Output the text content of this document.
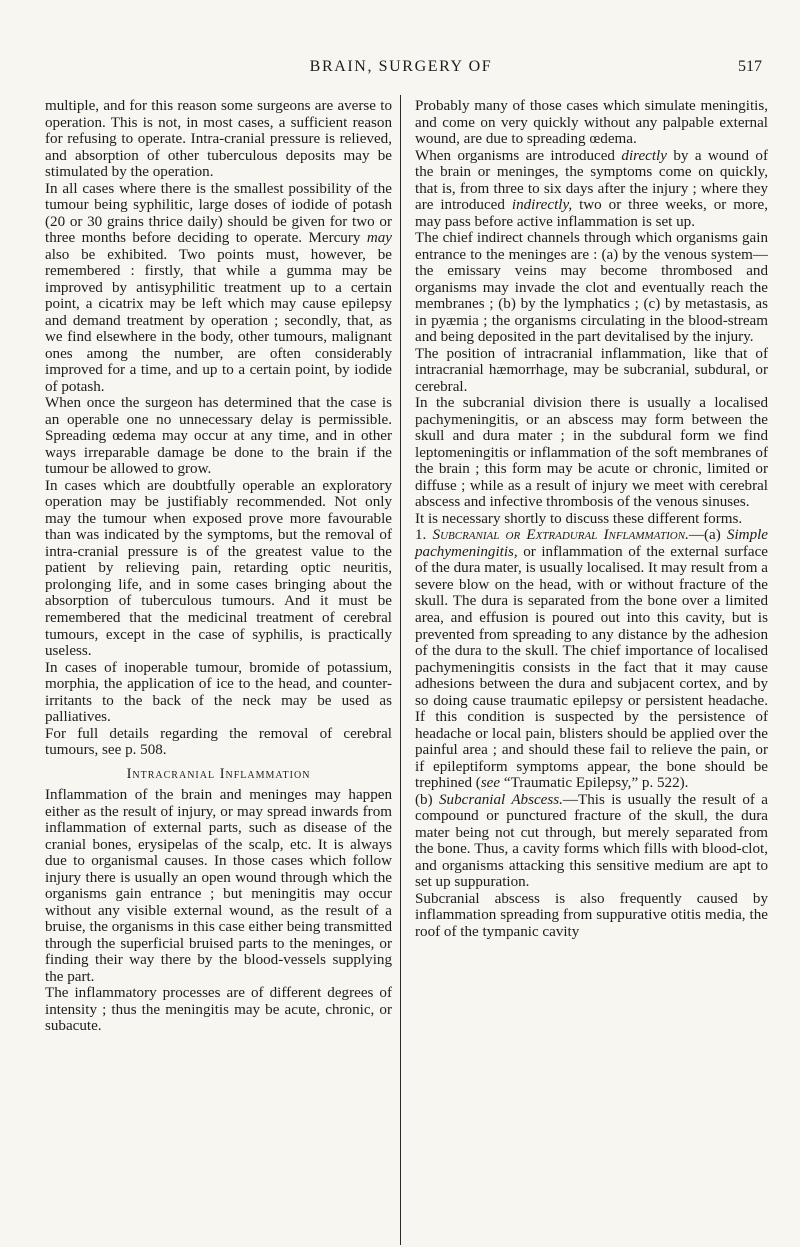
BRAIN, SURGERY OF	517

multiple, and for this reason some surgeons are averse to operation. This is not, in most cases, a sufficient reason for refusing to operate. Intra-cranial pressure is relieved, and absorption of other tuberculous deposits may be stimulated by the operation.

In all cases where there is the smallest possibility of the tumour being syphilitic, large doses of iodide of potash (20 or 30 grains thrice daily) should be given for two or three months before deciding to operate. Mercury may also be exhibited. Two points must, however, be remembered : firstly, that while a gumma may be improved by antisyphilitic treatment up to a certain point, a cicatrix may be left which may cause epilepsy and demand treatment by operation ; secondly, that, as we find elsewhere in the body, other tumours, malignant ones among the number, are often considerably improved for a time, and up to a certain point, by iodide of potash.

When once the surgeon has determined that the case is an operable one no unnecessary delay is permissible. Spreading œdema may occur at any time, and in other ways irreparable damage be done to the brain if the tumour be allowed to grow.

In cases which are doubtfully operable an exploratory operation may be justifiably recommended. Not only may the tumour when exposed prove more favourable than was indicated by the symptoms, but the removal of intra-cranial pressure is of the greatest value to the patient by relieving pain, retarding optic neuritis, prolonging life, and in some cases bringing about the absorption of tuberculous tumours. And it must be remembered that the medicinal treatment of cerebral tumours, except in the case of syphilis, is practically useless.

In cases of inoperable tumour, bromide of potassium, morphia, the application of ice to the head, and counter-irritants to the back of the neck may be used as palliatives.

For full details regarding the removal of cerebral tumours, see p. 508.

Intracranial Inflammation

Inflammation of the brain and meninges may happen either as the result of injury, or may spread inwards from inflammation of external parts, such as disease of the cranial bones, erysipelas of the scalp, etc. It is always due to organismal causes. In those cases which follow injury there is usually an open wound through which the organisms gain entrance ; but meningitis may occur without any visible external wound, as the result of a bruise, the organisms in this case either being transmitted through the superficial bruised parts to the meninges, or finding their way there by the blood-vessels supplying the part.

The inflammatory processes are of different degrees of intensity ; thus the meningitis may be acute, chronic, or subacute.

Probably many of those cases which simulate meningitis, and come on very quickly without any palpable external wound, are due to spreading œdema.

When organisms are introduced directly by a wound of the brain or meninges, the symptoms come on quickly, that is, from three to six days after the injury ; where they are introduced indirectly, two or three weeks, or more, may pass before active inflammation is set up.

The chief indirect channels through which organisms gain entrance to the meninges are : (a) by the venous system—the emissary veins may become thrombosed and organisms may invade the clot and eventually reach the membranes ; (b) by the lymphatics ; (c) by metastasis, as in pyæmia ; the organisms circulating in the blood-stream and being deposited in the part devitalised by the injury.

The position of intracranial inflammation, like that of intracranial hæmorrhage, may be subcranial, subdural, or cerebral.

In the subcranial division there is usually a localised pachymeningitis, or an abscess may form between the skull and dura mater ; in the subdural form we find leptomeningitis or inflammation of the soft membranes of the brain ; this form may be acute or chronic, limited or diffuse ; while as a result of injury we meet with cerebral abscess and infective thrombosis of the venous sinuses.

It is necessary shortly to discuss these different forms.

1. Subcranial or Extradural Inflammation.—(a) Simple pachymeningitis, or inflammation of the external surface of the dura mater, is usually localised. It may result from a severe blow on the head, with or without fracture of the skull. The dura is separated from the bone over a limited area, and effusion is poured out into this cavity, but is prevented from spreading to any distance by the adhesion of the dura to the skull. The chief importance of localised pachymeningitis consists in the fact that it may cause adhesions between the dura and subjacent cortex, and by so doing cause traumatic epilepsy or persistent headache. If this condition is suspected by the persistence of headache or local pain, blisters should be applied over the painful area ; and should these fail to relieve the pain, or if epileptiform symptoms appear, the bone should be trephined (see “Traumatic Epilepsy,” p. 522).

(b) Subcranial Abscess.—This is usually the result of a compound or punctured fracture of the skull, the dura mater being not cut through, but merely separated from the bone. Thus, a cavity forms which fills with blood-clot, and organisms attacking this sensitive medium are apt to set up suppuration.

Subcranial abscess is also frequently caused by inflammation spreading from suppurative otitis media, the roof of the tympanic cavity
